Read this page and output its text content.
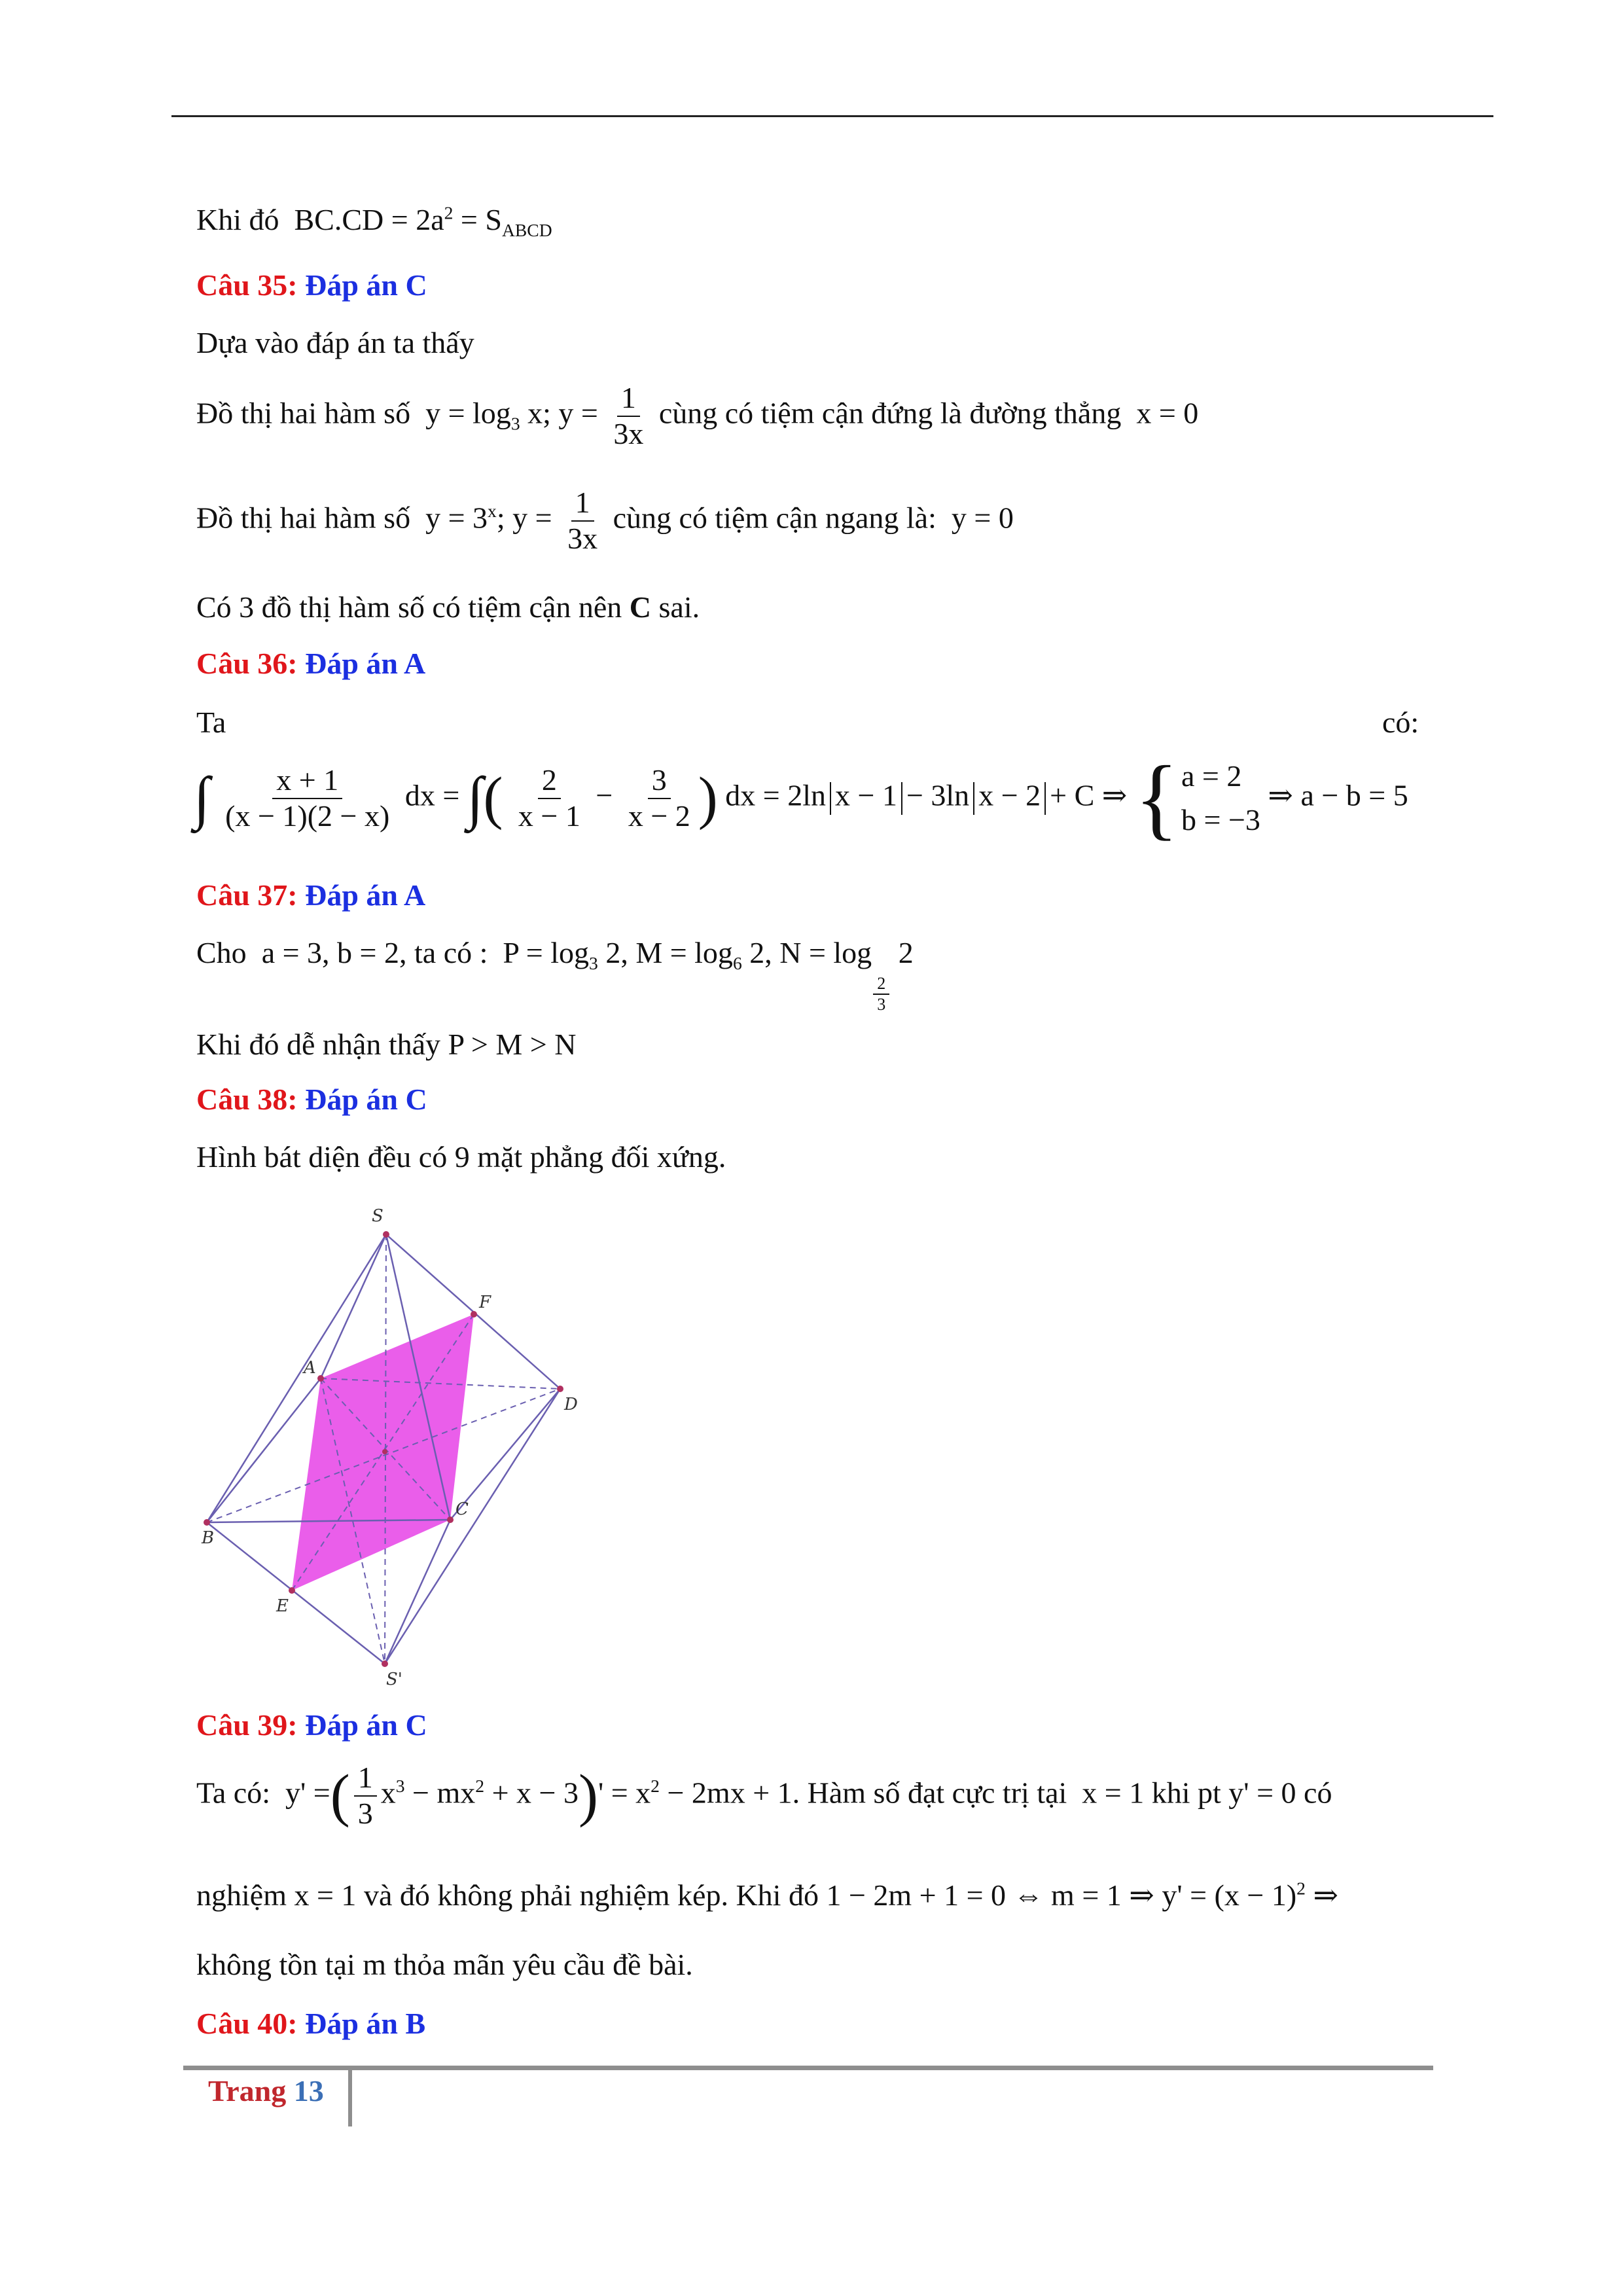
Khi đó $BC.CD = 2a^2 = S_{ABCD}$
Câu 35: Đáp án C
Dựa vào đáp án ta thấy
Đồ thị hai hàm số $y = \log_3 x$; $y = \frac{1}{3x}$ cùng có tiệm cận đứng là đường thẳng x = 0
Đồ thị hai hàm số $y = 3^x$; $y = \frac{1}{3x}$ cùng có tiệm cận ngang là: y = 0
Có 3 đồ thị hàm số có tiệm cận nên C sai.
Câu 36: Đáp án A
Ta	có:
∫ $\frac{x + 1}{(x - 1)(2 - x)}$ dx = ∫( $\frac{2}{x - 1} - \frac{3}{x - 2}$ ) dx = 2ln x − 1 − 3ln x − 2 + C ⇒ { a = 2
b = −3
⇒ a − b = 5
Câu 37: Đáp án A
Cho a = 3, b = 2, ta có : $P = \log_3 2$, $M = \log_6 2$, N = log
$\frac{2}{3}$
2
Khi đó dễ nhận thấy P > M > N
Câu 38: Đáp án C
Hình bát diện đều có 9 mặt phẳng đối xứng.
S
F
A
D
B
C
E
S'
Câu 39: Đáp án C
Ta có: y' =( $\frac{1}{3} x^3 - mx^2 + x - 3)' = x^2 - 2mx + 1$. Hàm số đạt cực trị tại x = 1 khi pt y' = 0 có
nghiệm x = 1 và đó không phải nghiệm kép. Khi đó 1 − 2m + 1 = 0 ⇔ m = 1 ⇒ $y' = (x - 1)^2$ ⇒
không tồn tại m thỏa mãn yêu cầu đề bài.
Câu 40: Đáp án B
Trang 13
